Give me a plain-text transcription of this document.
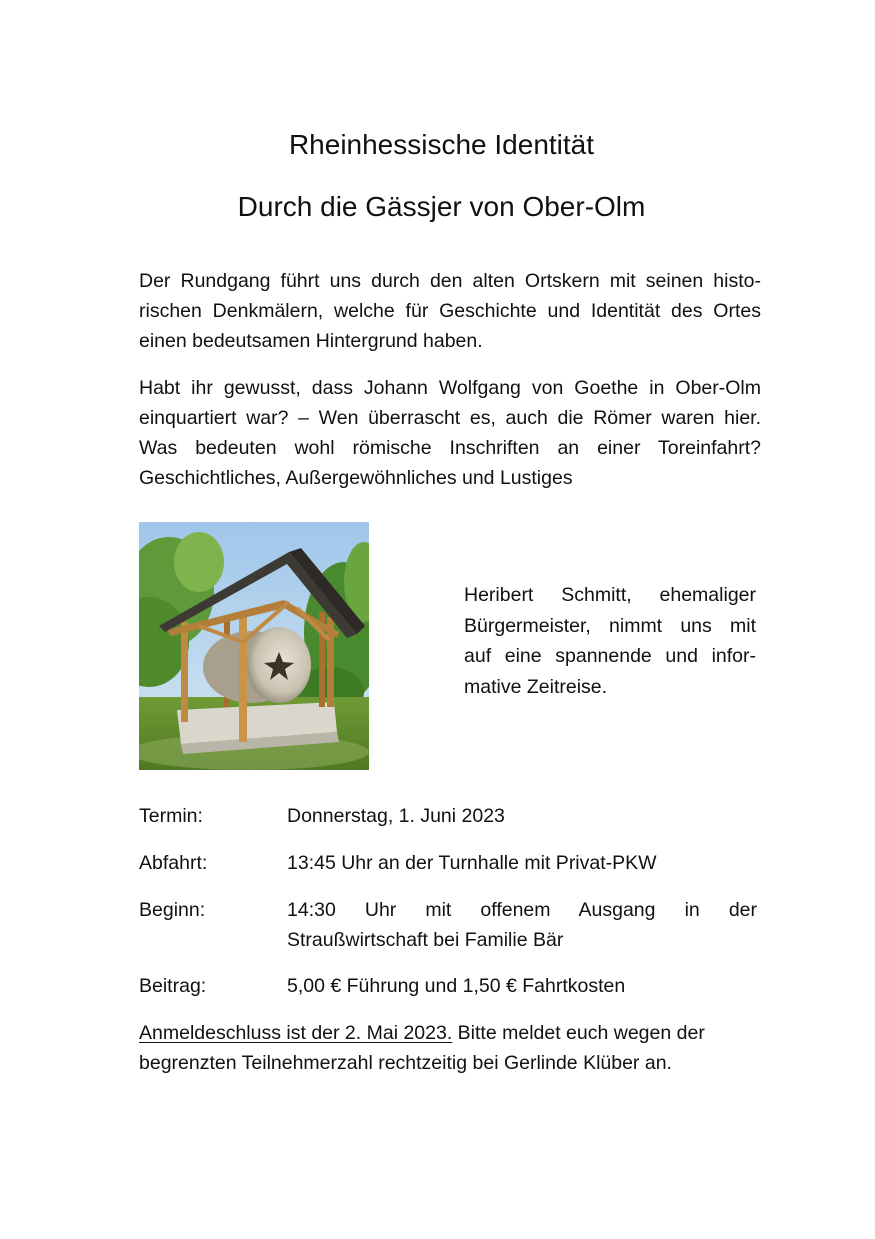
Rheinhessische Identität
Durch die Gässjer von Ober-Olm
Der Rundgang führt uns durch den alten Ortskern mit seinen histo-
rischen Denkmälern, welche für Geschichte und Identität des Ortes
einen bedeutsamen Hintergrund haben.
Habt ihr gewusst, dass Johann Wolfgang von Goethe in Ober-Olm
einquartiert war? – Wen überrascht es, auch die Römer waren hier.
Was bedeuten wohl römische Inschriften an einer Toreinfahrt?
Geschichtliches, Außergewöhnliches und Lustiges
Heribert Schmitt, ehemaliger
Bürgermeister, nimmt uns mit
auf eine spannende und infor-
mative Zeitreise.
Termin:	Donnerstag, 1. Juni 2023
Abfahrt:	13:45 Uhr an der Turnhalle mit Privat-PKW
Beginn:	14:30 Uhr mit offenem Ausgang in der
Straußwirtschaft bei Familie Bär
Beitrag:	5,00 € Führung und 1,50 € Fahrtkosten
Anmeldeschluss ist der 2. Mai 2023. Bitte meldet euch wegen der
begrenzten Teilnehmerzahl rechtzeitig bei Gerlinde Klüber an.
